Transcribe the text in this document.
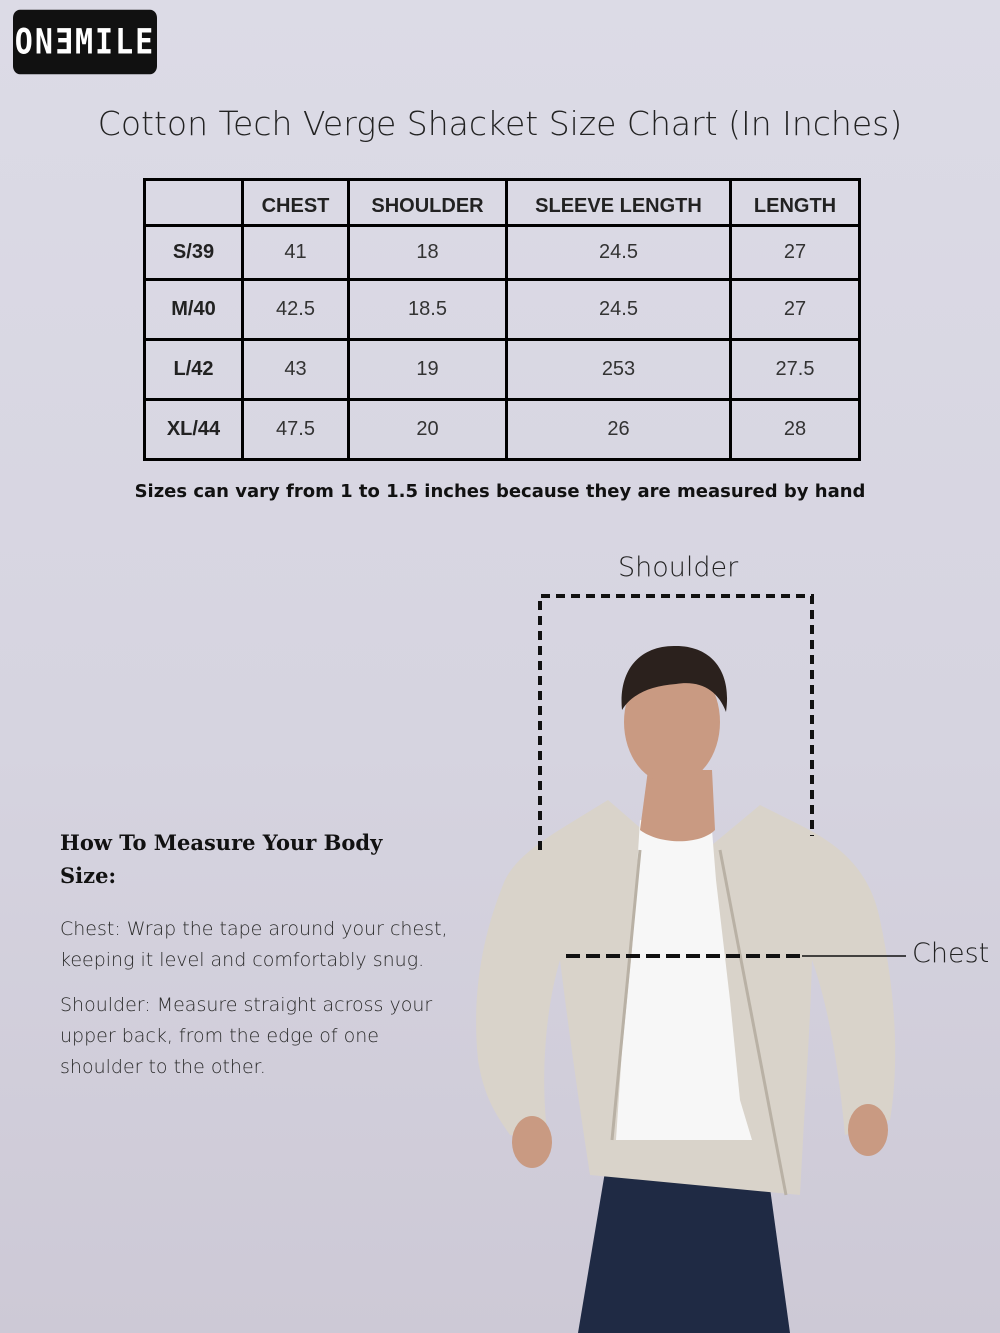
ONƎMILE
Cotton Tech Verge Shacket Size Chart (In Inches)
	CHEST	SHOULDER	SLEEVE LENGTH	LENGTH
S/39	41	18	24.5	27
M/40	42.5	18.5	24.5	27
L/42	43	19	253	27.5
XL/44	47.5	20	26	28
Sizes can vary from 1 to 1.5 inches because they are measured by hand
How To Measure Your Body Size:

Chest: Wrap the tape around your chest, keeping it level and comfortably snug.

Shoulder: Measure straight across your upper back, from the edge of one shoulder to the other.

Shoulder
Chest
